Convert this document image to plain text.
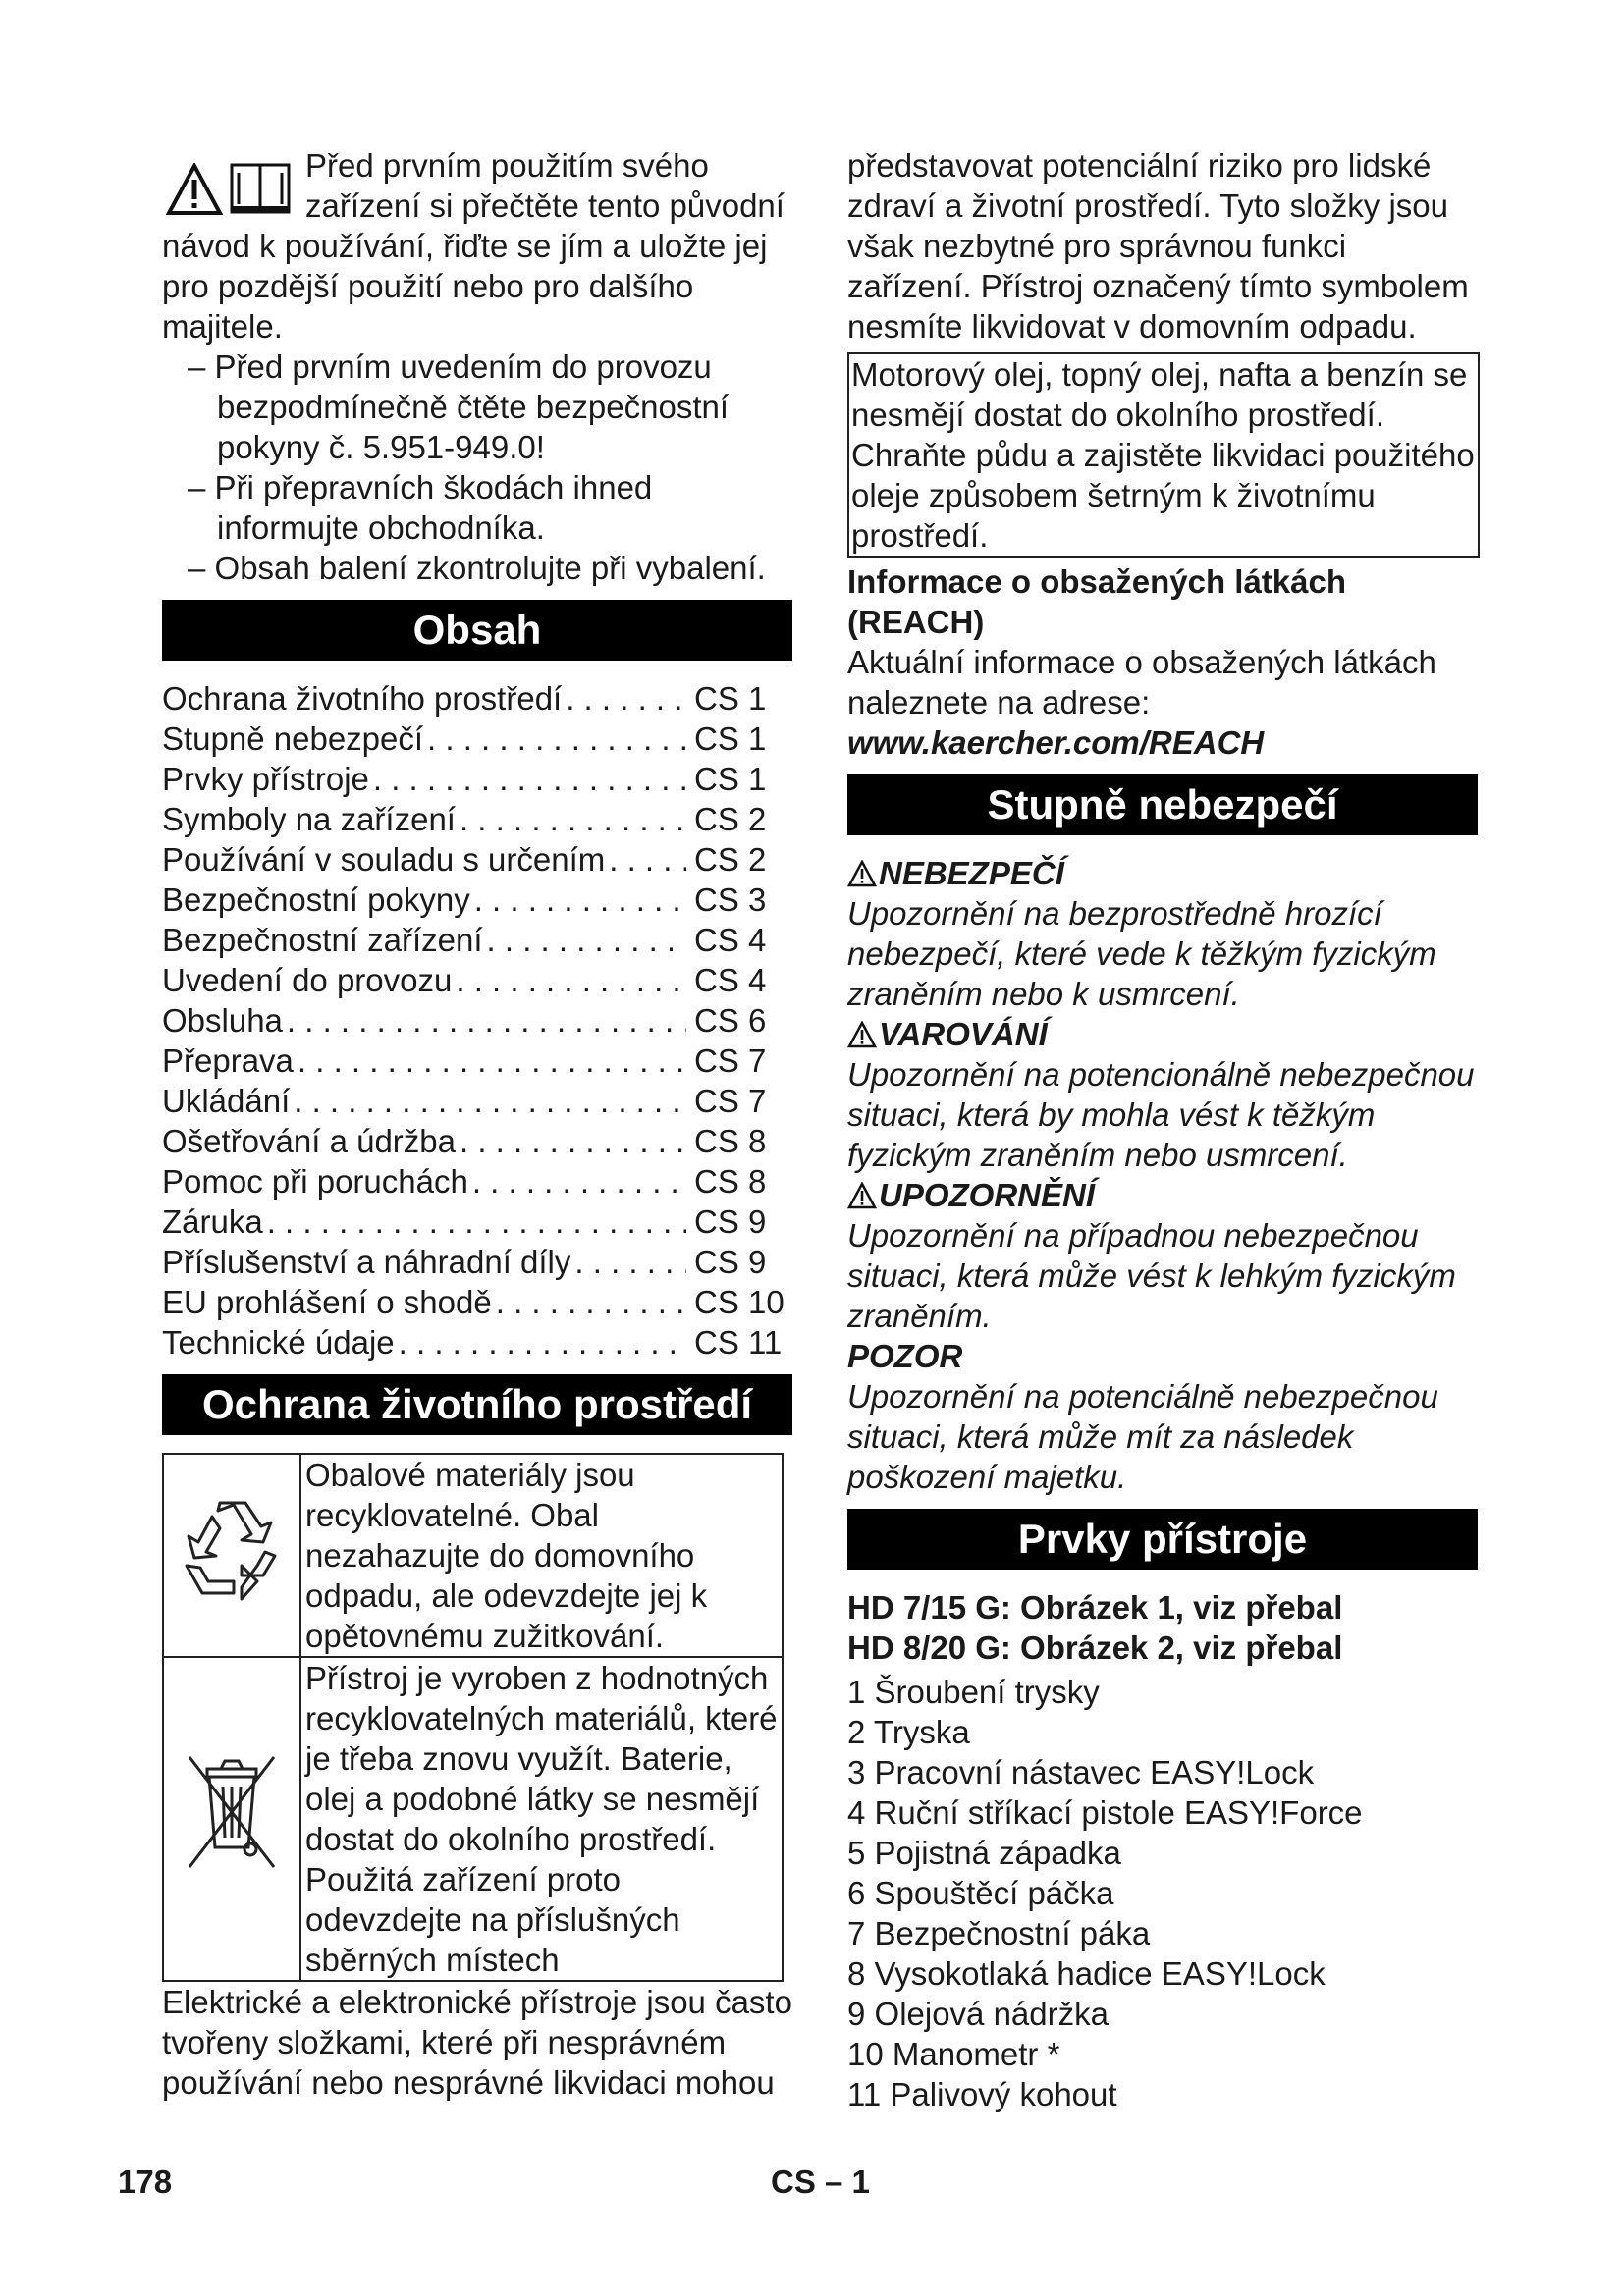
Před prvním použitím svého zařízení si přečtěte tento původní návod k používání, řiďte se jím a uložte jej pro pozdější použití nebo pro dalšího majitele.

– Před prvním uvedením do provozu bezpodmínečně čtěte bezpečnostní pokyny č. 5.951-949.0!
– Při přepravních škodách ihned informujte obchodníka.
– Obsah balení zkontrolujte při vybalení.
Obsah
Ochrana životního prostředí . . .	CS 1
Stupně nebezpečí . . .	CS 1
Prvky přístroje . . .	CS 1
Symboly na zařízení . . .	CS 2
Používání v souladu s určením . . .	CS 2
Bezpečnostní pokyny . . .	CS 3
Bezpečnostní zařízení . . .	CS 4
Uvedení do provozu . . .	CS 4
Obsluha . . .	CS 6
Přeprava . . .	CS 7
Ukládání . . .	CS 7
Ošetřování a údržba . . .	CS 8
Pomoc při poruchách . . .	CS 8
Záruka . . .	CS 9
Příslušenství a náhradní díly . . .	CS 9
EU prohlášení o shodě . . .	CS 10
Technické údaje . . .	CS 11
Ochrana životního prostředí
	Obalové materiály jsou recyklovatelné. Obal nezahazujte do domovního odpadu, ale odevzdejte jej k opětovnému zužitkování.
	Přístroj je vyroben z hodnotných recyklovatelných materiálů, které je třeba znovu využít. Baterie, olej a podobné látky se nesmějí dostat do okolního prostředí. Použitá zařízení proto odevzdejte na příslušných sběrných místech

Elektrické a elektronické přístroje jsou často tvořeny složkami, které při nesprávném používání nebo nesprávné likvidaci mohou

představovat potenciální riziko pro lidské zdraví a životní prostředí. Tyto složky jsou však nezbytné pro správnou funkci zařízení. Přístroj označený tímto symbolem nesmíte likvidovat v domovním odpadu.

Motorový olej, topný olej, nafta a benzín se nesmějí dostat do okolního prostředí. Chraňte půdu a zajistěte likvidaci použitého oleje způsobem šetrným k životnímu prostředí.

Informace o obsažených látkách (REACH)

Aktuální informace o obsažených látkách naleznete na adrese:

www.kaercher.com/REACH

Stupně nebezpečí
NEBEZPEČÍ

Upozornění na bezprostředně hrozící nebezpečí, které vede k těžkým fyzickým zraněním nebo k usmrcení.

VAROVÁNÍ

Upozornění na potencionálně nebezpečnou situaci, která by mohla vést k těžkým fyzickým zraněním nebo usmrcení.

UPOZORNĚNÍ

Upozornění na případnou nebezpečnou situaci, která může vést k lehkým fyzickým zraněním.

POZOR

Upozornění na potenciálně nebezpečnou situaci, která může mít za následek poškození majetku.

Prvky přístroje

HD 7/15 G: Obrázek 1, viz přebal

HD 8/20 G: Obrázek 2, viz přebal

1 Šroubení trysky
2 Tryska
3 Pracovní nástavec EASY!Lock
4 Ruční stříkací pistole EASY!Force
5 Pojistná západka
6 Spouštěcí páčka
7 Bezpečnostní páka
8 Vysokotlaká hadice EASY!Lock
9 Olejová nádržka
10 Manometr *
11 Palivový kohout
178	CS – 1
